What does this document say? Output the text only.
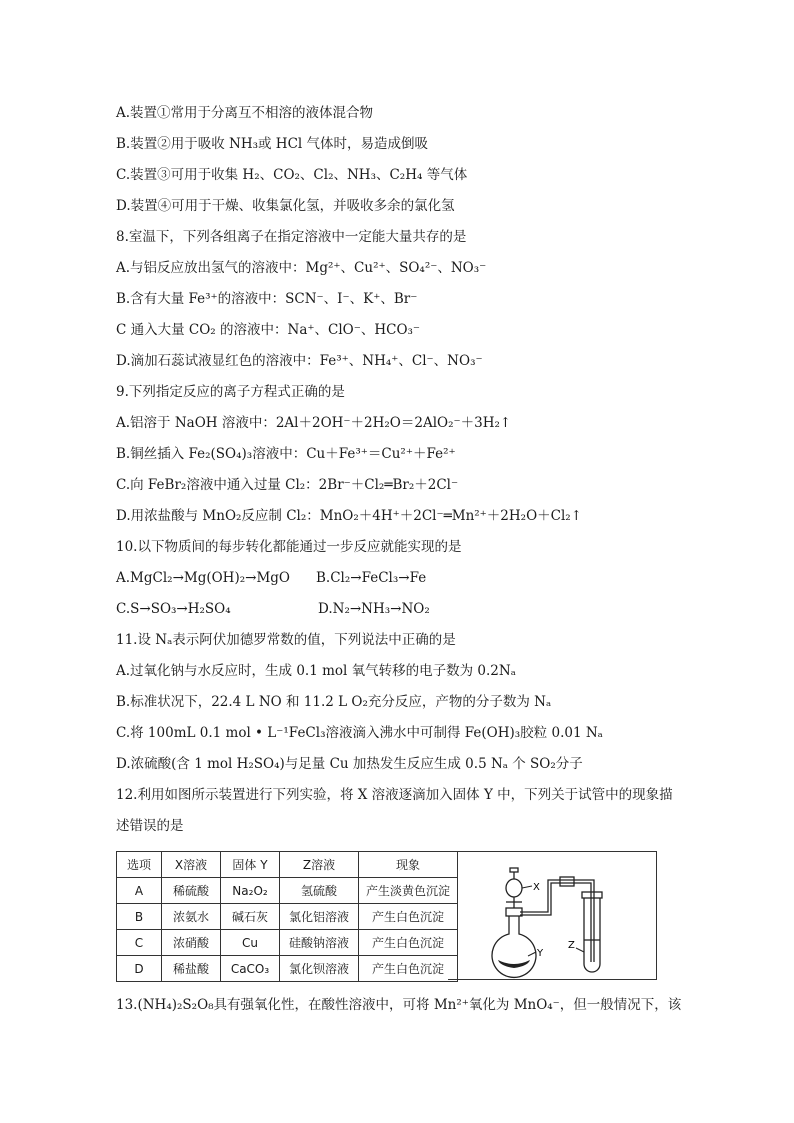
A.装置①常用于分离互不相溶的液体混合物
B.装置②用于吸收 NH₃或 HCl 气体时，易造成倒吸
C.装置③可用于收集 H₂、CO₂、Cl₂、NH₃、C₂H₄ 等气体
D.装置④可用于干燥、收集氯化氢，并吸收多余的氯化氢
8.室温下，下列各组离子在指定溶液中一定能大量共存的是
A.与铝反应放出氢气的溶液中：Mg²⁺、Cu²⁺、SO₄²⁻、NO₃⁻
B.含有大量 Fe³⁺的溶液中：SCN⁻、I⁻、K⁺、Br⁻
C 通入大量 CO₂ 的溶液中：Na⁺、ClO⁻、HCO₃⁻
D.滴加石蕊试液显红色的溶液中：Fe³⁺、NH₄⁺、Cl⁻、NO₃⁻
9.下列指定反应的离子方程式正确的是
A.铝溶于 NaOH 溶液中：2Al＋2OH⁻＋2H₂O＝2AlO₂⁻＋3H₂↑
B.铜丝插入 Fe₂(SO₄)₃溶液中：Cu＋Fe³⁺＝Cu²⁺＋Fe²⁺
C.向 FeBr₂溶液中通入过量 Cl₂：2Br⁻＋Cl₂═Br₂＋2Cl⁻
D.用浓盐酸与 MnO₂反应制 Cl₂：MnO₂＋4H⁺＋2Cl⁻═Mn²⁺＋2H₂O＋Cl₂↑
10.以下物质间的每步转化都能通过一步反应就能实现的是
A.MgCl₂→Mg(OH)₂→MgO B.Cl₂→FeCl₃→Fe
C.S→SO₃→H₂SO₄	D.N₂→NH₃→NO₂
11.设 Nₐ表示阿伏加德罗常数的值，下列说法中正确的是
A.过氧化钠与水反应时，生成 0.1 mol 氧气转移的电子数为 0.2Nₐ
B.标准状况下，22.4 L NO 和 11.2 L O₂充分反应，产物的分子数为 Nₐ
C.将 100mL 0.1 mol • L⁻¹FeCl₃溶液滴入沸水中可制得 Fe(OH)₃胶粒 0.01 Nₐ
D.浓硫酸(含 1 mol H₂SO₄)与足量 Cu 加热发生反应生成 0.5 Nₐ 个 SO₂分子
12.利用如图所示装置进行下列实验，将 X 溶液逐滴加入固体 Y 中，下列关于试管中的现象描
述错误的是
选项	X溶液	固体 Y	Z溶液	现象
A	稀硫酸	Na₂O₂	氢硫酸	产生淡黄色沉淀
B	浓氨水	碱石灰	氯化铝溶液	产生白色沉淀
C	浓硝酸	Cu	硅酸钠溶液	产生白色沉淀
D	稀盐酸	CaCO₃	氯化钡溶液	产生白色沉淀
X
Y
Z
13.(NH₄)₂S₂O₈具有强氧化性，在酸性溶液中，可将 Mn²⁺氧化为 MnO₄⁻，但一般情况下，该
